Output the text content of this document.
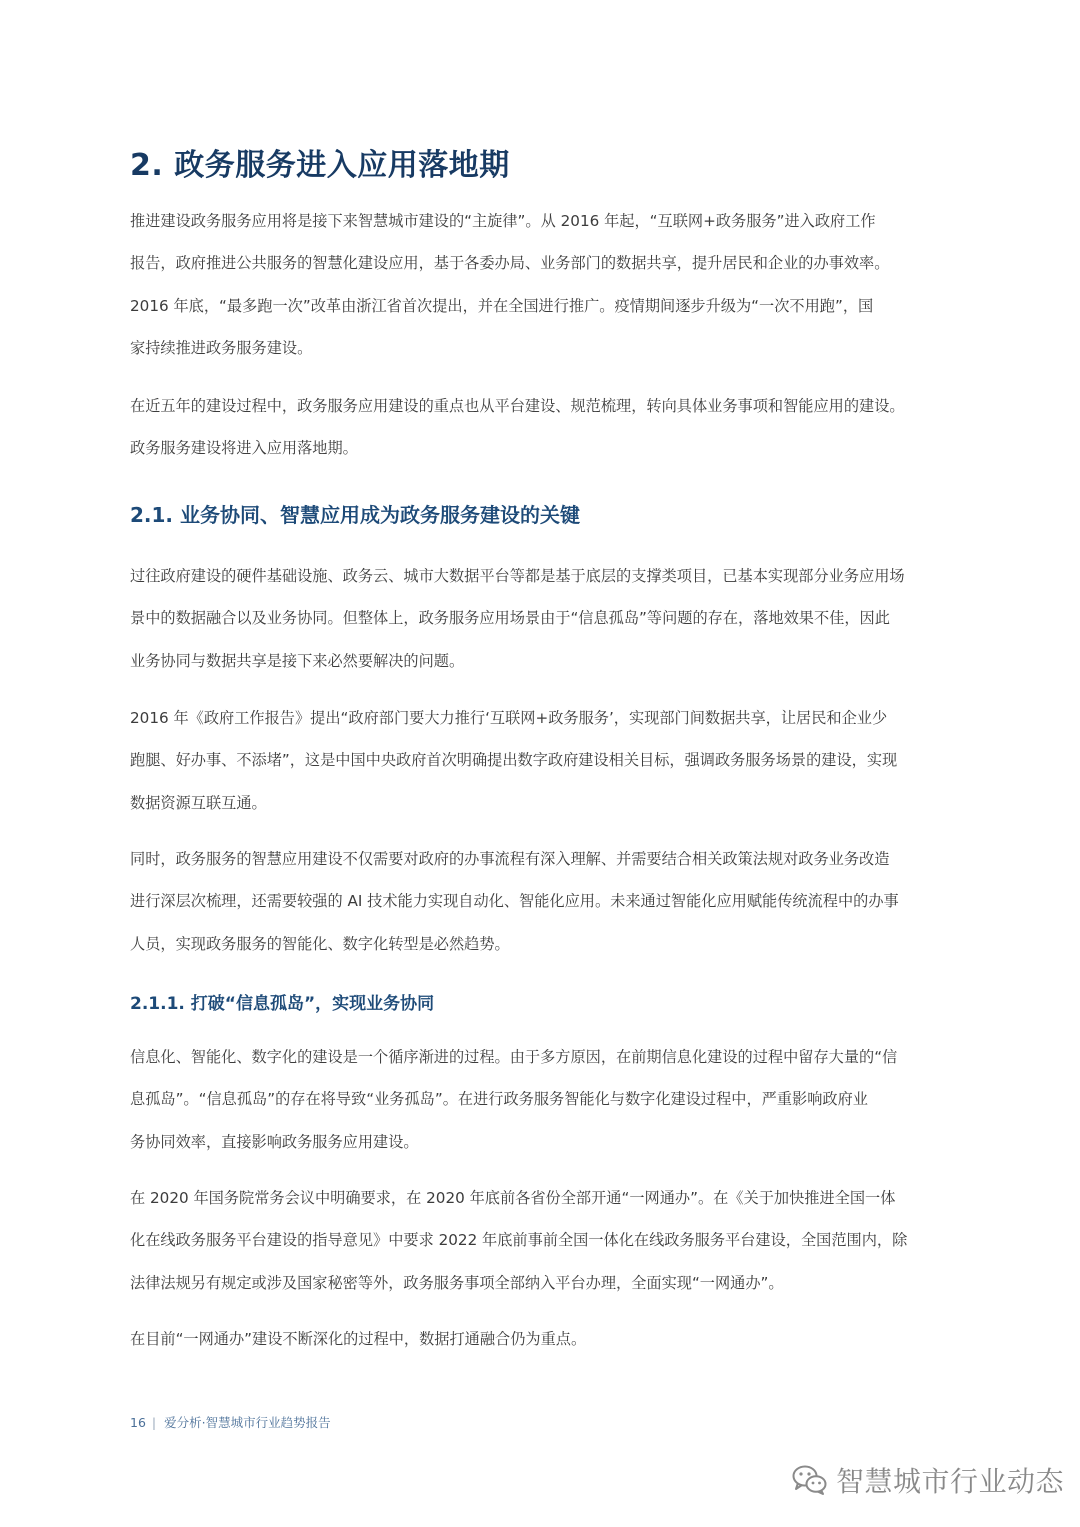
2. 政务服务进入应用落地期
推进建设政务服务应用将是接下来智慧城市建设的“主旋律”。从 2016 年起，“互联网+政务服务”进入政府工作
报告，政府推进公共服务的智慧化建设应用，基于各委办局、业务部门的数据共享，提升居民和企业的办事效率。
2016 年底，“最多跑一次”改革由浙江省首次提出，并在全国进行推广。疫情期间逐步升级为“一次不用跑”，国
家持续推进政务服务建设。
在近五年的建设过程中，政务服务应用建设的重点也从平台建设、规范梳理，转向具体业务事项和智能应用的建设。
政务服务建设将进入应用落地期。
2.1. 业务协同、智慧应用成为政务服务建设的关键
过往政府建设的硬件基础设施、政务云、城市大数据平台等都是基于底层的支撑类项目，已基本实现部分业务应用场
景中的数据融合以及业务协同。但整体上，政务服务应用场景由于“信息孤岛”等问题的存在，落地效果不佳，因此
业务协同与数据共享是接下来必然要解决的问题。
2016 年《政府工作报告》提出“政府部门要大力推行‘互联网+政务服务’，实现部门间数据共享，让居民和企业少
跑腿、好办事、不添堵”，这是中国中央政府首次明确提出数字政府建设相关目标，强调政务服务场景的建设，实现
数据资源互联互通。
同时，政务服务的智慧应用建设不仅需要对政府的办事流程有深入理解、并需要结合相关政策法规对政务业务改造
进行深层次梳理，还需要较强的 AI 技术能力实现自动化、智能化应用。未来通过智能化应用赋能传统流程中的办事
人员，实现政务服务的智能化、数字化转型是必然趋势。
2.1.1. 打破“信息孤岛”，实现业务协同
信息化、智能化、数字化的建设是一个循序渐进的过程。由于多方原因，在前期信息化建设的过程中留存大量的“信
息孤岛”。“信息孤岛”的存在将导致“业务孤岛”。在进行政务服务智能化与数字化建设过程中，严重影响政府业
务协同效率，直接影响政务服务应用建设。
在 2020 年国务院常务会议中明确要求，在 2020 年底前各省份全部开通“一网通办”。在《关于加快推进全国一体
化在线政务服务平台建设的指导意见》中要求 2022 年底前事前全国一体化在线政务服务平台建设，全国范围内，除
法律法规另有规定或涉及国家秘密等外，政务服务事项全部纳入平台办理，全面实现“一网通办”。
在目前“一网通办”建设不断深化的过程中，数据打通融合仍为重点。
16 | 爱分析·智慧城市行业趋势报告
智慧城市行业动态
